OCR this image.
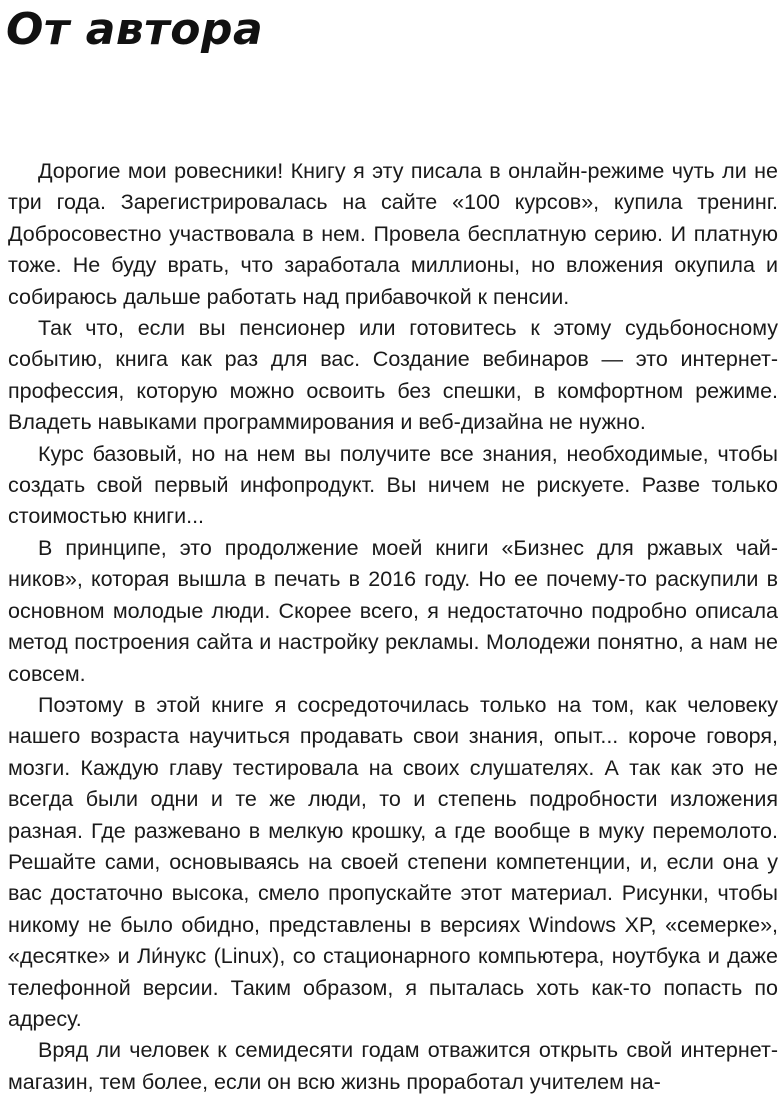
От автора

Дорогие мои ровесники! Книгу я эту писала в онлайн-режиме чуть ли не три года. Зарегистрировалась на сайте «100 курсов», купила тренинг. Добросовестно участвовала в нем. Провела бесплатную серию. И платную тоже. Не буду врать, что заработала миллионы, но вложения окупила и собираюсь дальше работать над прибавочкой к пенсии.

Так что, если вы пенсионер или готовитесь к этому судьбоносному событию, книга как раз для вас. Создание вебинаров — это интернет-профессия, которую можно освоить без спешки, в комфортном режиме. Владеть навыками программирования и веб-дизайна не нужно.

Курс базовый, но на нем вы получите все знания, необходимые, чтобы создать свой первый инфопродукт. Вы ничем не рискуете. Разве только стоимостью книги...

В принципе, это продолжение моей книги «Бизнес для ржавых чайников», которая вышла в печать в 2016 году. Но ее почему-то раскупили в основном молодые люди. Скорее всего, я недостаточно подробно описала метод построения сайта и настройку рекламы. Молодежи понятно, а нам не совсем.

Поэтому в этой книге я сосредоточилась только на том, как человеку нашего возраста научиться продавать свои знания, опыт... короче говоря, мозги. Каждую главу тестировала на своих слушателях. А так как это не всегда были одни и те же люди, то и степень подробности изложения разная. Где разжевано в мелкую крошку, а где вообще в муку перемолото. Решайте сами, основываясь на своей степени компетенции, и, если она у вас достаточно высока, смело пропускайте этот материал. Рисунки, чтобы никому не было обидно, представлены в версиях Windows XP, «семерке», «десятке» и Ли́нукс (Linux), со стационарного компьютера, ноутбука и даже телефонной версии. Таким образом, я пыталась хоть как-то попасть по адресу.

Вряд ли человек к семидесяти годам отважится открыть свой интернет-магазин, тем более, если он всю жизнь проработал учителем на-
